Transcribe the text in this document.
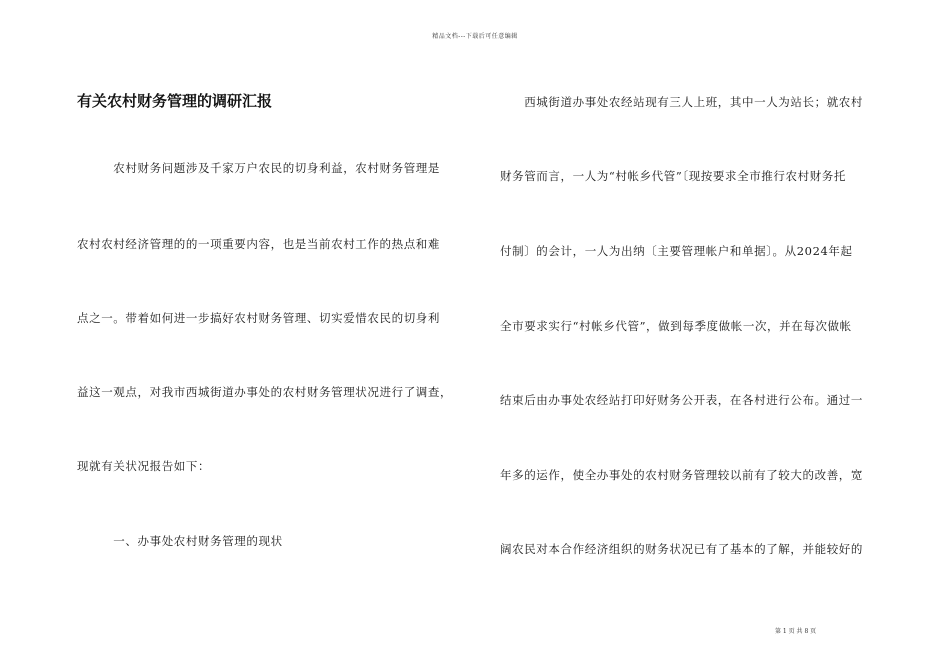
精品文档---下载后可任意编辑
有关农村财务管理的调研汇报
　　　农村财务问题涉及千家万户农民的切身利益，农村财务管理是
农村农村经济管理的的一项重要内容，也是当前农村工作的热点和难
点之一。带着如何进一步搞好农村财务管理、切实爱惜农民的切身利
益这一观点，对我市西城街道办事处的农村财务管理状况进行了调查，
现就有关状况报告如下：
　　　一、办事处农村财务管理的现状
　　西城街道办事处农经站现有三人上班，其中一人为站长；就农村
财务管而言，一人为“村帐乡代管”〔现按要求全市推行农村财务托
付制〕的会计，一人为出纳〔主要管理帐户和单据〕。从2024年起
全市要求实行“村帐乡代管”，做到每季度做帐一次，并在每次做帐
结束后由办事处农经站打印好财务公开表，在各村进行公布。通过一
年多的运作，使全办事处的农村财务管理较以前有了较大的改善，宽
阔农民对本合作经济组织的财务状况已有了基本的了解，并能较好的
第 1 页 共 8 页
